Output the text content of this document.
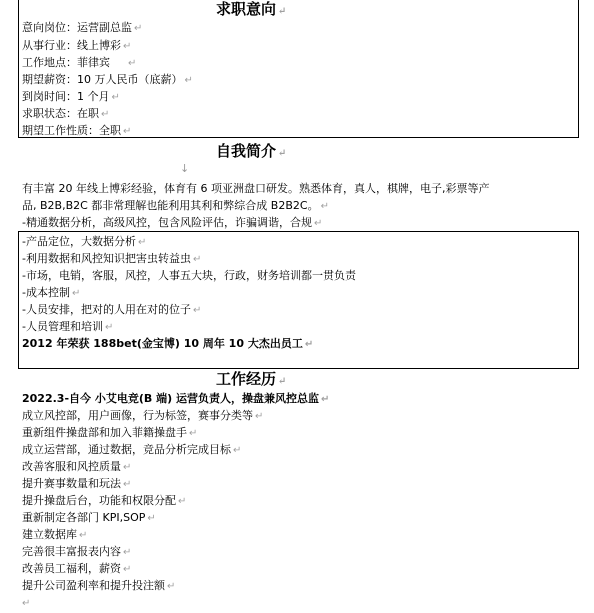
求职意向 ↵
意向岗位：运营副总监 ↵
从事行业：线上博彩 ↵
工作地点：菲律宾 ↵
期望薪资：10 万人民币（底薪） ↵
到岗时间：1 个月 ↵
求职状态：在职 ↵
期望工作性质：全职 ↵
自我简介 ↵
↓
有丰富 20 年线上博彩经验，体育有 6 项亚洲盘口研发。熟悉体育，真人，棋牌，电子,彩票等产
品, B2B,B2C 都非常理解也能利用其利和弊综合成 B2B2C。 ↵
-精通数据分析，高级风控，包含风险评估，诈骗调谐，合规 ↵
-产品定位，大数据分析 ↵
-利用数据和风控知识把害虫转益虫 ↵
-市场，电销，客服，风控，人事五大块，行政，财务培训都一贯负责
-成本控制 ↵
-人员安排，把对的人用在对的位子 ↵
-人员管理和培训 ↵
2012 年荣获 188bet(金宝博) 10 周年 10 大杰出员工 ↵
工作经历 ↵
2022.3-自今 小艾电竞(B 端) 运营负责人，操盘兼风控总监 ↵
成立风控部，用户画像，行为标签，赛事分类等 ↵
重新组件操盘部和加入菲籍操盘手 ↵
成立运营部，通过数据，竞品分析完成目标 ↵
改善客服和风控质量 ↵
提升赛事数量和玩法 ↵
提升操盘后台，功能和权限分配 ↵
重新制定各部门 KPI,SOP ↵
建立数据库 ↵
完善很丰富报表内容 ↵
改善员工福利，薪资 ↵
提升公司盈利率和提升投注额 ↵
↵
